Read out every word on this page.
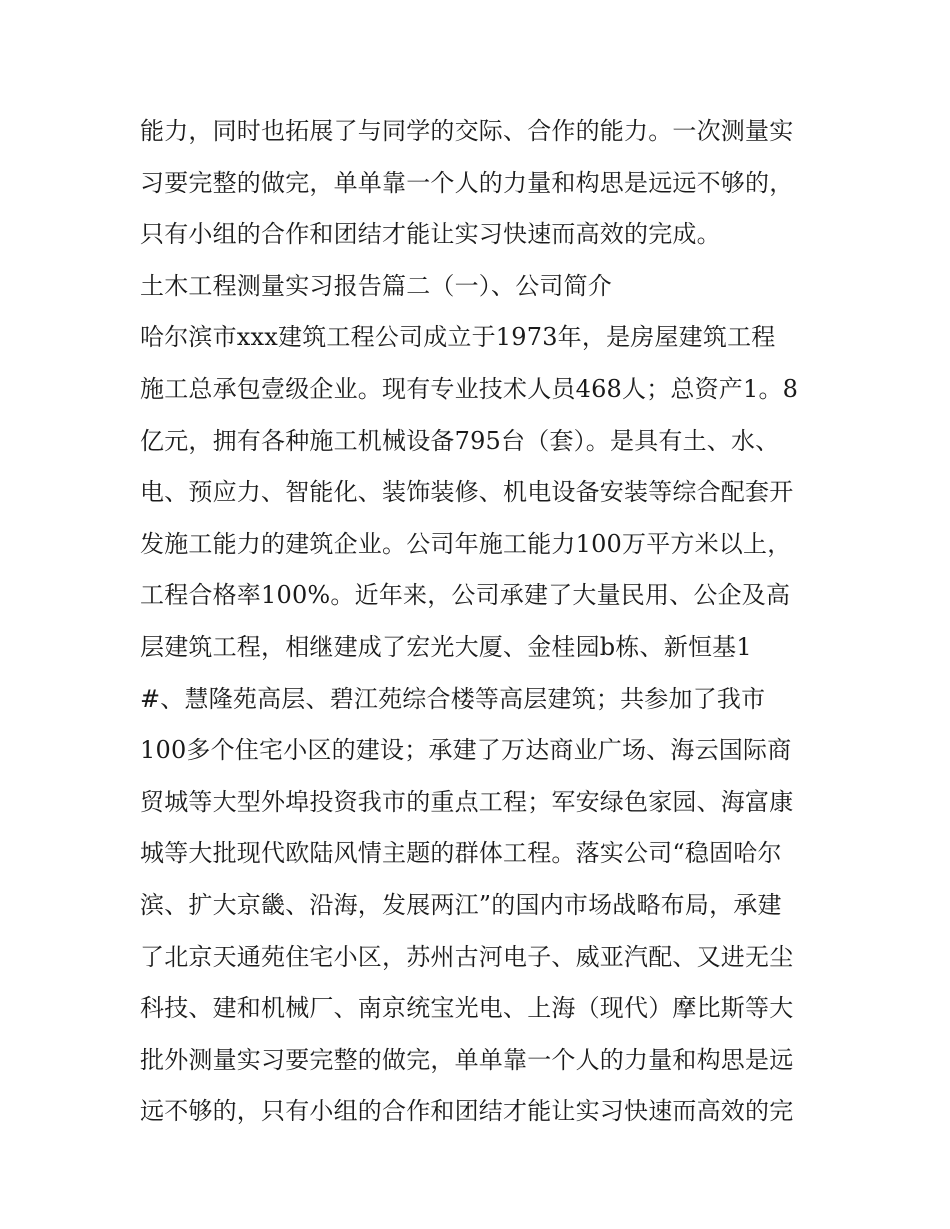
能力，同时也拓展了与同学的交际、合作的能力。一次测量实
习要完整的做完，单单靠一个人的力量和构思是远远不够的，
只有小组的合作和团结才能让实习快速而高效的完成。
土木工程测量实习报告篇二（一）、公司简介
哈尔滨市xxx建筑工程公司成立于1973年，是房屋建筑工程
施工总承包壹级企业。现有专业技术人员468人；总资产1。8
亿元，拥有各种施工机械设备795台（套）。是具有土、水、
电、预应力、智能化、装饰装修、机电设备安装等综合配套开
发施工能力的建筑企业。公司年施工能力100万平方米以上，
工程合格率100%。近年来，公司承建了大量民用、公企及高
层建筑工程，相继建成了宏光大厦、金桂园b栋、新恒基1
#、慧隆苑高层、碧江苑综合楼等高层建筑；共参加了我市
100多个住宅小区的建设；承建了万达商业广场、海云国际商
贸城等大型外埠投资我市的重点工程；军安绿色家园、海富康
城等大批现代欧陆风情主题的群体工程。落实公司“稳固哈尔
滨、扩大京畿、沿海，发展两江”的国内市场战略布局，承建
了北京天通苑住宅小区，苏州古河电子、威亚汽配、又进无尘
科技、建和机械厂、南京统宝光电、上海（现代）摩比斯等大
批外测量实习要完整的做完，单单靠一个人的力量和构思是远
远不够的，只有小组的合作和团结才能让实习快速而高效的完
